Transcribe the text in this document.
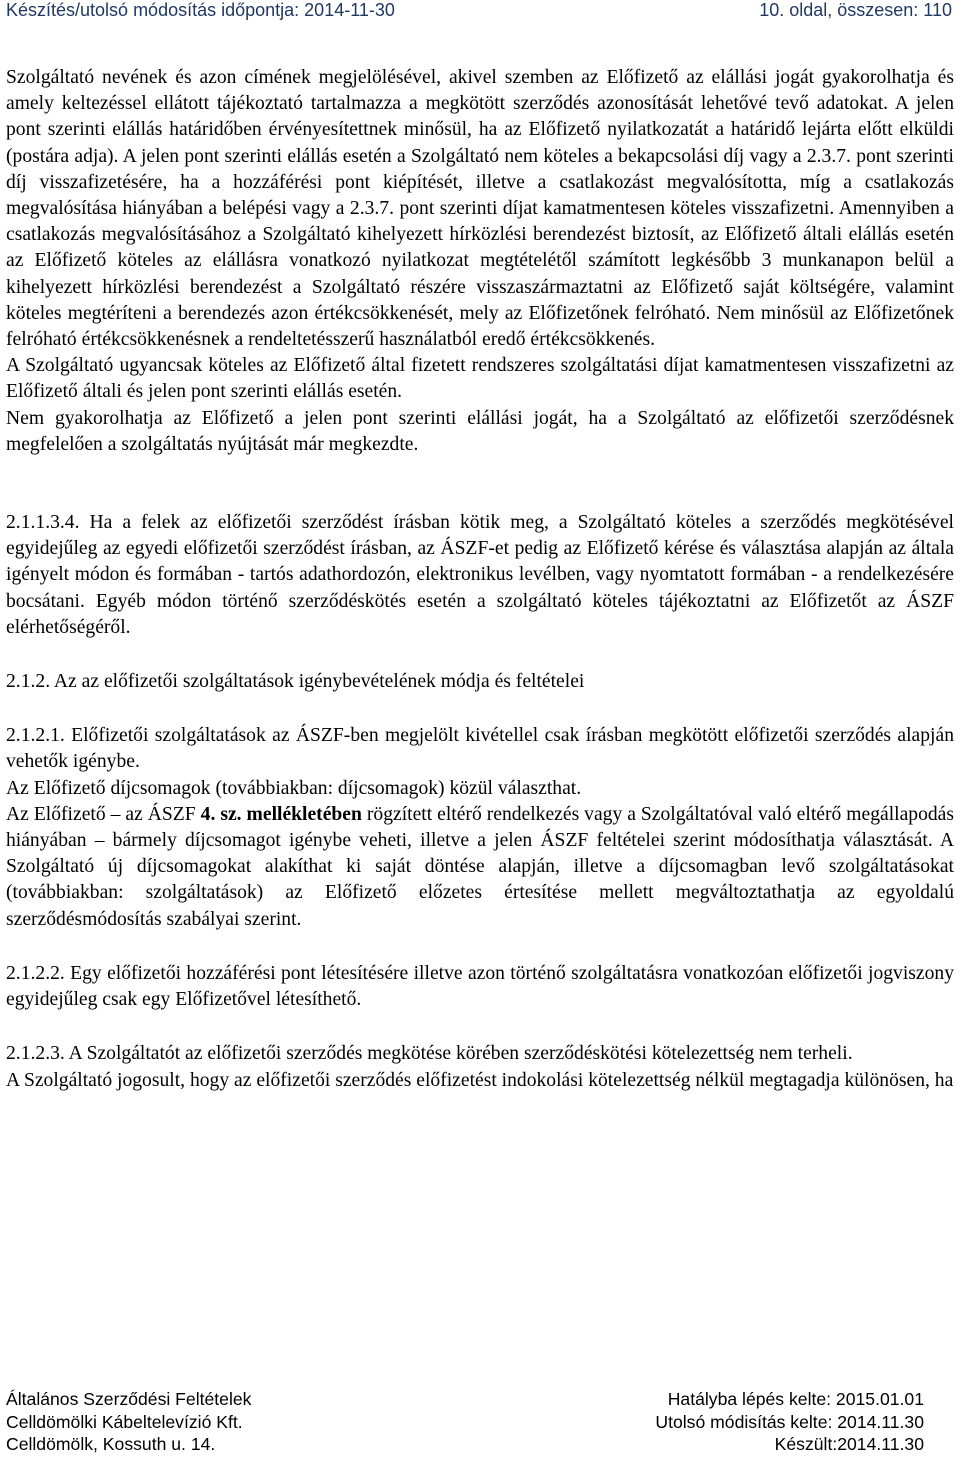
Készítés/utolsó módosítás időpontja: 2014-11-30	10. oldal, összesen: 110

Szolgáltató nevének és azon címének megjelölésével, akivel szemben az Előfizető az elállási jogát gyakorolhatja és amely keltezéssel ellátott tájékoztató tartalmazza a megkötött szerződés azonosítását lehetővé tevő adatokat. A jelen pont szerinti elállás határidőben érvényesítettnek minősül, ha az Előfizető nyilatkozatát a határidő lejárta előtt elküldi (postára adja). A jelen pont szerinti elállás esetén a Szolgáltató nem köteles a bekapcsolási díj vagy a 2.3.7. pont szerinti díj visszafizetésére, ha a hozzáférési pont kiépítését, illetve a csatlakozást megvalósította, míg a csatlakozás megvalósítása hiányában a belépési vagy a 2.3.7. pont szerinti díjat kamatmentesen köteles visszafizetni. Amennyiben a csatlakozás megvalósításához a Szolgáltató kihelyezett hírközlési berendezést biztosít, az Előfizető általi elállás esetén az Előfizető köteles az elállásra vonatkozó nyilatkozat megtételétől számított legkésőbb 3 munkanapon belül a kihelyezett hírközlési berendezést a Szolgáltató részére visszaszármaztatni az Előfizető saját költségére, valamint köteles megtéríteni a berendezés azon értékcsökkenését, mely az Előfizetőnek felróható. Nem minősül az Előfizetőnek felróható értékcsökkenésnek a rendeltetésszerű használatból eredő értékcsökkenés.

A Szolgáltató ugyancsak köteles az Előfizető által fizetett rendszeres szolgáltatási díjat kamatmentesen visszafizetni az Előfizető általi és jelen pont szerinti elállás esetén.

Nem gyakorolhatja az Előfizető a jelen pont szerinti elállási jogát, ha a Szolgáltató az előfizetői szerződésnek megfelelően a szolgáltatás nyújtását már megkezdte.

2.1.1.3.4. Ha a felek az előfizetői szerződést írásban kötik meg, a Szolgáltató köteles a szerződés megkötésével egyidejűleg az egyedi előfizetői szerződést írásban, az ÁSZF-et pedig az Előfizető kérése és választása alapján az általa igényelt módon és formában - tartós adathordozón, elektronikus levélben, vagy nyomtatott formában - a rendelkezésére bocsátani. Egyéb módon történő szerződéskötés esetén a szolgáltató köteles tájékoztatni az Előfizetőt az ÁSZF elérhetőségéről.

2.1.2. Az az előfizetői szolgáltatások igénybevételének módja és feltételei

2.1.2.1. Előfizetői szolgáltatások az ÁSZF-ben megjelölt kivétellel csak írásban megkötött előfizetői szerződés alapján vehetők igénybe.

Az Előfizető díjcsomagok (továbbiakban: díjcsomagok) közül választhat.

Az Előfizető – az ÁSZF 4. sz. mellékletében rögzített eltérő rendelkezés vagy a Szolgáltatóval való eltérő megállapodás hiányában – bármely díjcsomagot igénybe veheti, illetve a jelen ÁSZF feltételei szerint módosíthatja választását. A Szolgáltató új díjcsomagokat alakíthat ki saját döntése alapján, illetve a díjcsomagban levő szolgáltatásokat (továbbiakban: szolgáltatások) az Előfizető előzetes értesítése mellett megváltoztathatja az egyoldalú szerződésmódosítás szabályai szerint.

2.1.2.2. Egy előfizetői hozzáférési pont létesítésére illetve azon történő szolgáltatásra vonatkozóan előfizetői jogviszony egyidejűleg csak egy Előfizetővel létesíthető.

2.1.2.3. A Szolgáltatót az előfizetői szerződés megkötése körében szerződéskötési kötelezettség nem terheli.

A Szolgáltató jogosult, hogy az előfizetői szerződés előfizetést indokolási kötelezettség nélkül megtagadja különösen, ha

Általános Szerződési Feltételek	Hatályba lépés kelte: 2015.01.01
Celldömölki Kábeltelevízió Kft.	Utolsó módisítás kelte: 2014.11.30
Celldömölk, Kossuth u. 14.	Készült:2014.11.30
